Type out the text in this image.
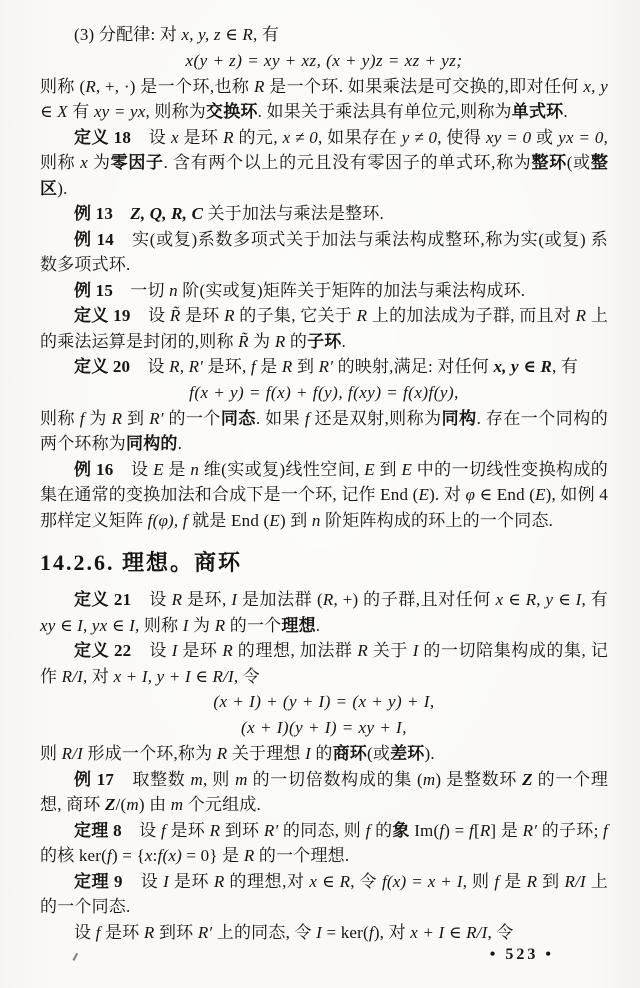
(3) 分配律: 对 x, y, z ∈ R, 有

x(y + z) = xy + xz, (x + y)z = xz + yz;

则称 (R, +, ·) 是一个环,也称 R 是一个环. 如果乘法是可交换的,即对任何 x, y ∈ X 有 xy = yx, 则称为交换环. 如果关于乘法具有单位元,则称为单式环.

定义 18　设 x 是环 R 的元, x ≠ 0, 如果存在 y ≠ 0, 使得 xy = 0 或 yx = 0, 则称 x 为零因子. 含有两个以上的元且没有零因子的单式环,称为整环(或整区).

例 13　 Z, Q, R, C 关于加法与乘法是整环.

例 14　实(或复)系数多项式关于加法与乘法构成整环,称为实(或复) 系数多项式环.

例 15　一切 n 阶(实或复)矩阵关于矩阵的加法与乘法构成环.

定义 19　设 R̃ 是环 R 的子集, 它关于 R 上的加法成为子群, 而且对 R 上的乘法运算是封闭的,则称 R̃ 为 R 的子环.

定义 20　设 R, R′ 是环, f 是 R 到 R′ 的映射,满足: 对任何 x, y ∈ R, 有

f(x + y) = f(x) + f(y), f(xy) = f(x)f(y),

则称 f 为 R 到 R′ 的一个同态. 如果 f 还是双射,则称为同构. 存在一个同构的两个环称为同构的.

例 16　设 E 是 n 维(实或复)线性空间, E 到 E 中的一切线性变换构成的集在通常的变换加法和合成下是一个环, 记作 End (E). 对 φ ∈ End (E), 如例 4 那样定义矩阵 f(φ), f 就是 End (E) 到 n 阶矩阵构成的环上的一个同态.

14.2.6. 理想。商环

定义 21　设 R 是环, I 是加法群 (R, +) 的子群,且对任何 x ∈ R, y ∈ I, 有 xy ∈ I, yx ∈ I, 则称 I 为 R 的一个理想.

定义 22　设 I 是环 R 的理想, 加法群 R 关于 I 的一切陪集构成的集, 记作 R/I, 对 x + I, y + I ∈ R/I, 令

(x + I) + (y + I) = (x + y) + I,

(x + I)(y + I) = xy + I,

则 R/I 形成一个环,称为 R 关于理想 I 的商环(或差环).

例 17　取整数 m, 则 m 的一切倍数构成的集 (m) 是整数环 Z 的一个理想, 商环 Z/(m) 由 m 个元组成.

定理 8　设 f 是环 R 到环 R′ 的同态, 则 f 的象 Im(f) = f[R] 是 R′ 的子环; f 的核 ker(f) = {x:f(x) = 0} 是 R 的一个理想.

定理 9　设 I 是环 R 的理想,对 x ∈ R, 令 f(x) = x + I, 则 f 是 R 到 R/I 上的一个同态.

设 f 是环 R 到环 R′ 上的同态, 令 I = ker(f), 对 x + I ∈ R/I, 令

• 523 •
